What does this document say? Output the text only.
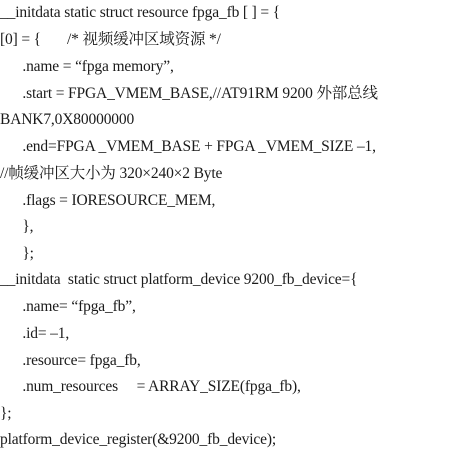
__initdata static struct resource fpga_fb [ ] = {
[0] = {       /* 视频缓冲区域资源 */
.name = “fpga memory”,
.start = FPGA_VMEM_BASE,//AT91RM 9200 外部总线
BANK7,0X80000000
.end=FPGA _VMEM_BASE + FPGA _VMEM_SIZE –1,
//帧缓冲区大小为 320×240×2 Byte
.flags = IORESOURCE_MEM,
},
};
__initdata  static struct platform_device 9200_fb_device={
.name= “fpga_fb”,
.id= –1,
.resource= fpga_fb,
.num_resources     = ARRAY_SIZE(fpga_fb),
};
platform_device_register(&9200_fb_device);
